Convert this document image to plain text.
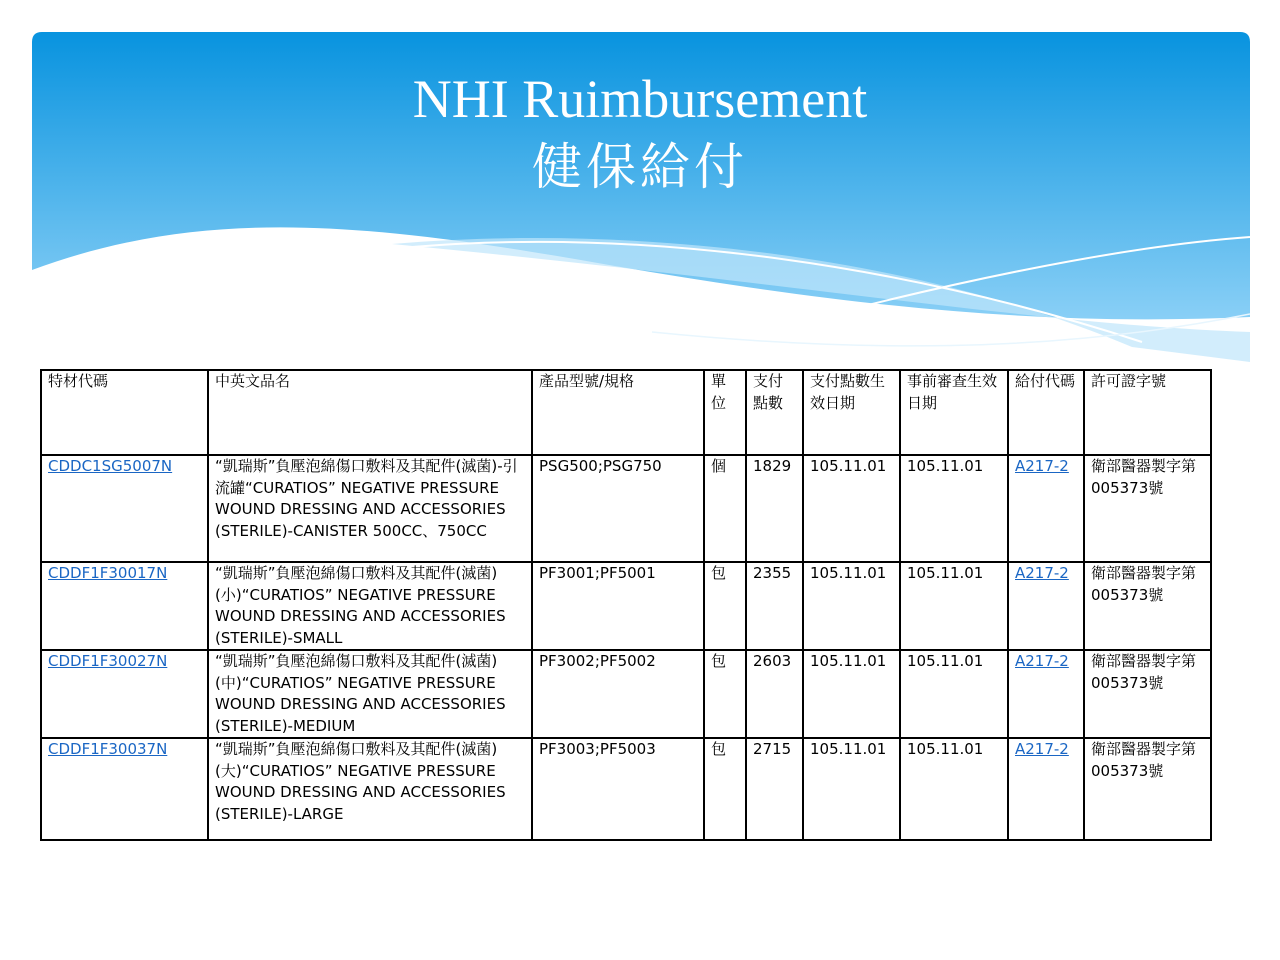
NHI Ruimbursement
健保給付
特材代碼	中英文品名	產品型號/規格	單位	支付點數	支付點數生效日期	事前審查生效日期	給付代碼	許可證字號
CDDC1SG5007N	“凱瑞斯”負壓泡綿傷口敷料及其配件(滅菌)-引流罐“CURATIOS” NEGATIVE PRESSURE WOUND DRESSING AND ACCESSORIES (STERILE)-CANISTER 500CC、750CC	PSG500;PSG750	個	1829	105.11.01	105.11.01	A217-2	衛部醫器製字第005373號
CDDF1F30017N	“凱瑞斯”負壓泡綿傷口敷料及其配件(滅菌)(小)“CURATIOS” NEGATIVE PRESSURE WOUND DRESSING AND ACCESSORIES (STERILE)-SMALL	PF3001;PF5001	包	2355	105.11.01	105.11.01	A217-2	衛部醫器製字第005373號
CDDF1F30027N	“凱瑞斯”負壓泡綿傷口敷料及其配件(滅菌)(中)“CURATIOS” NEGATIVE PRESSURE WOUND DRESSING AND ACCESSORIES (STERILE)-MEDIUM	PF3002;PF5002	包	2603	105.11.01	105.11.01	A217-2	衛部醫器製字第005373號
CDDF1F30037N	“凱瑞斯”負壓泡綿傷口敷料及其配件(滅菌)(大)“CURATIOS” NEGATIVE PRESSURE WOUND DRESSING AND ACCESSORIES (STERILE)-LARGE	PF3003;PF5003	包	2715	105.11.01	105.11.01	A217-2	衛部醫器製字第005373號
